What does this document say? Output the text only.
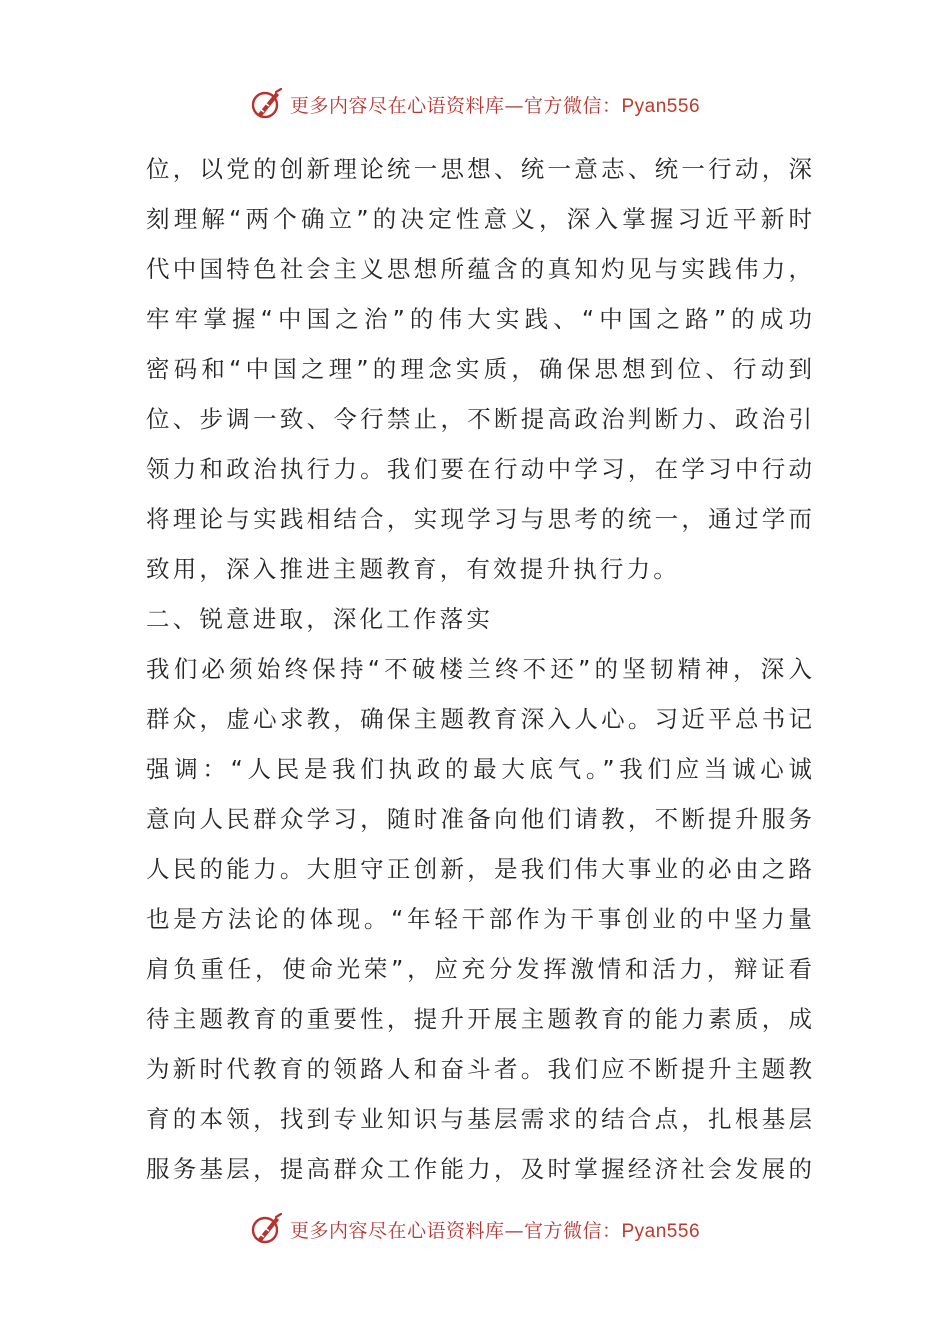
更多内容尽在心语资料库—官方微信：Pyan556
位，以党的创新理论统一思想、统一意志、统一行动，深
刻理解“两个确立”的决定性意义，深入掌握习近平新时
代中国特色社会主义思想所蕴含的真知灼见与实践伟力，
牢牢掌握“中国之治”的伟大实践、“中国之路”的成功
密码和“中国之理”的理念实质，确保思想到位、行动到
位、步调一致、令行禁止，不断提高政治判断力、政治引
领力和政治执行力。我们要在行动中学习，在学习中行动
将理论与实践相结合，实现学习与思考的统一，通过学而
致用，深入推进主题教育，有效提升执行力。
二、锐意进取，深化工作落实
我们必须始终保持“不破楼兰终不还”的坚韧精神，深入
群众，虚心求教，确保主题教育深入人心。习近平总书记
强调：“人民是我们执政的最大底气。”我们应当诚心诚
意向人民群众学习，随时准备向他们请教，不断提升服务
人民的能力。大胆守正创新，是我们伟大事业的必由之路
也是方法论的体现。“年轻干部作为干事创业的中坚力量
肩负重任，使命光荣”，应充分发挥激情和活力，辩证看
待主题教育的重要性，提升开展主题教育的能力素质，成
为新时代教育的领路人和奋斗者。我们应不断提升主题教
育的本领，找到专业知识与基层需求的结合点，扎根基层
服务基层，提高群众工作能力，及时掌握经济社会发展的
更多内容尽在心语资料库—官方微信：Pyan556
